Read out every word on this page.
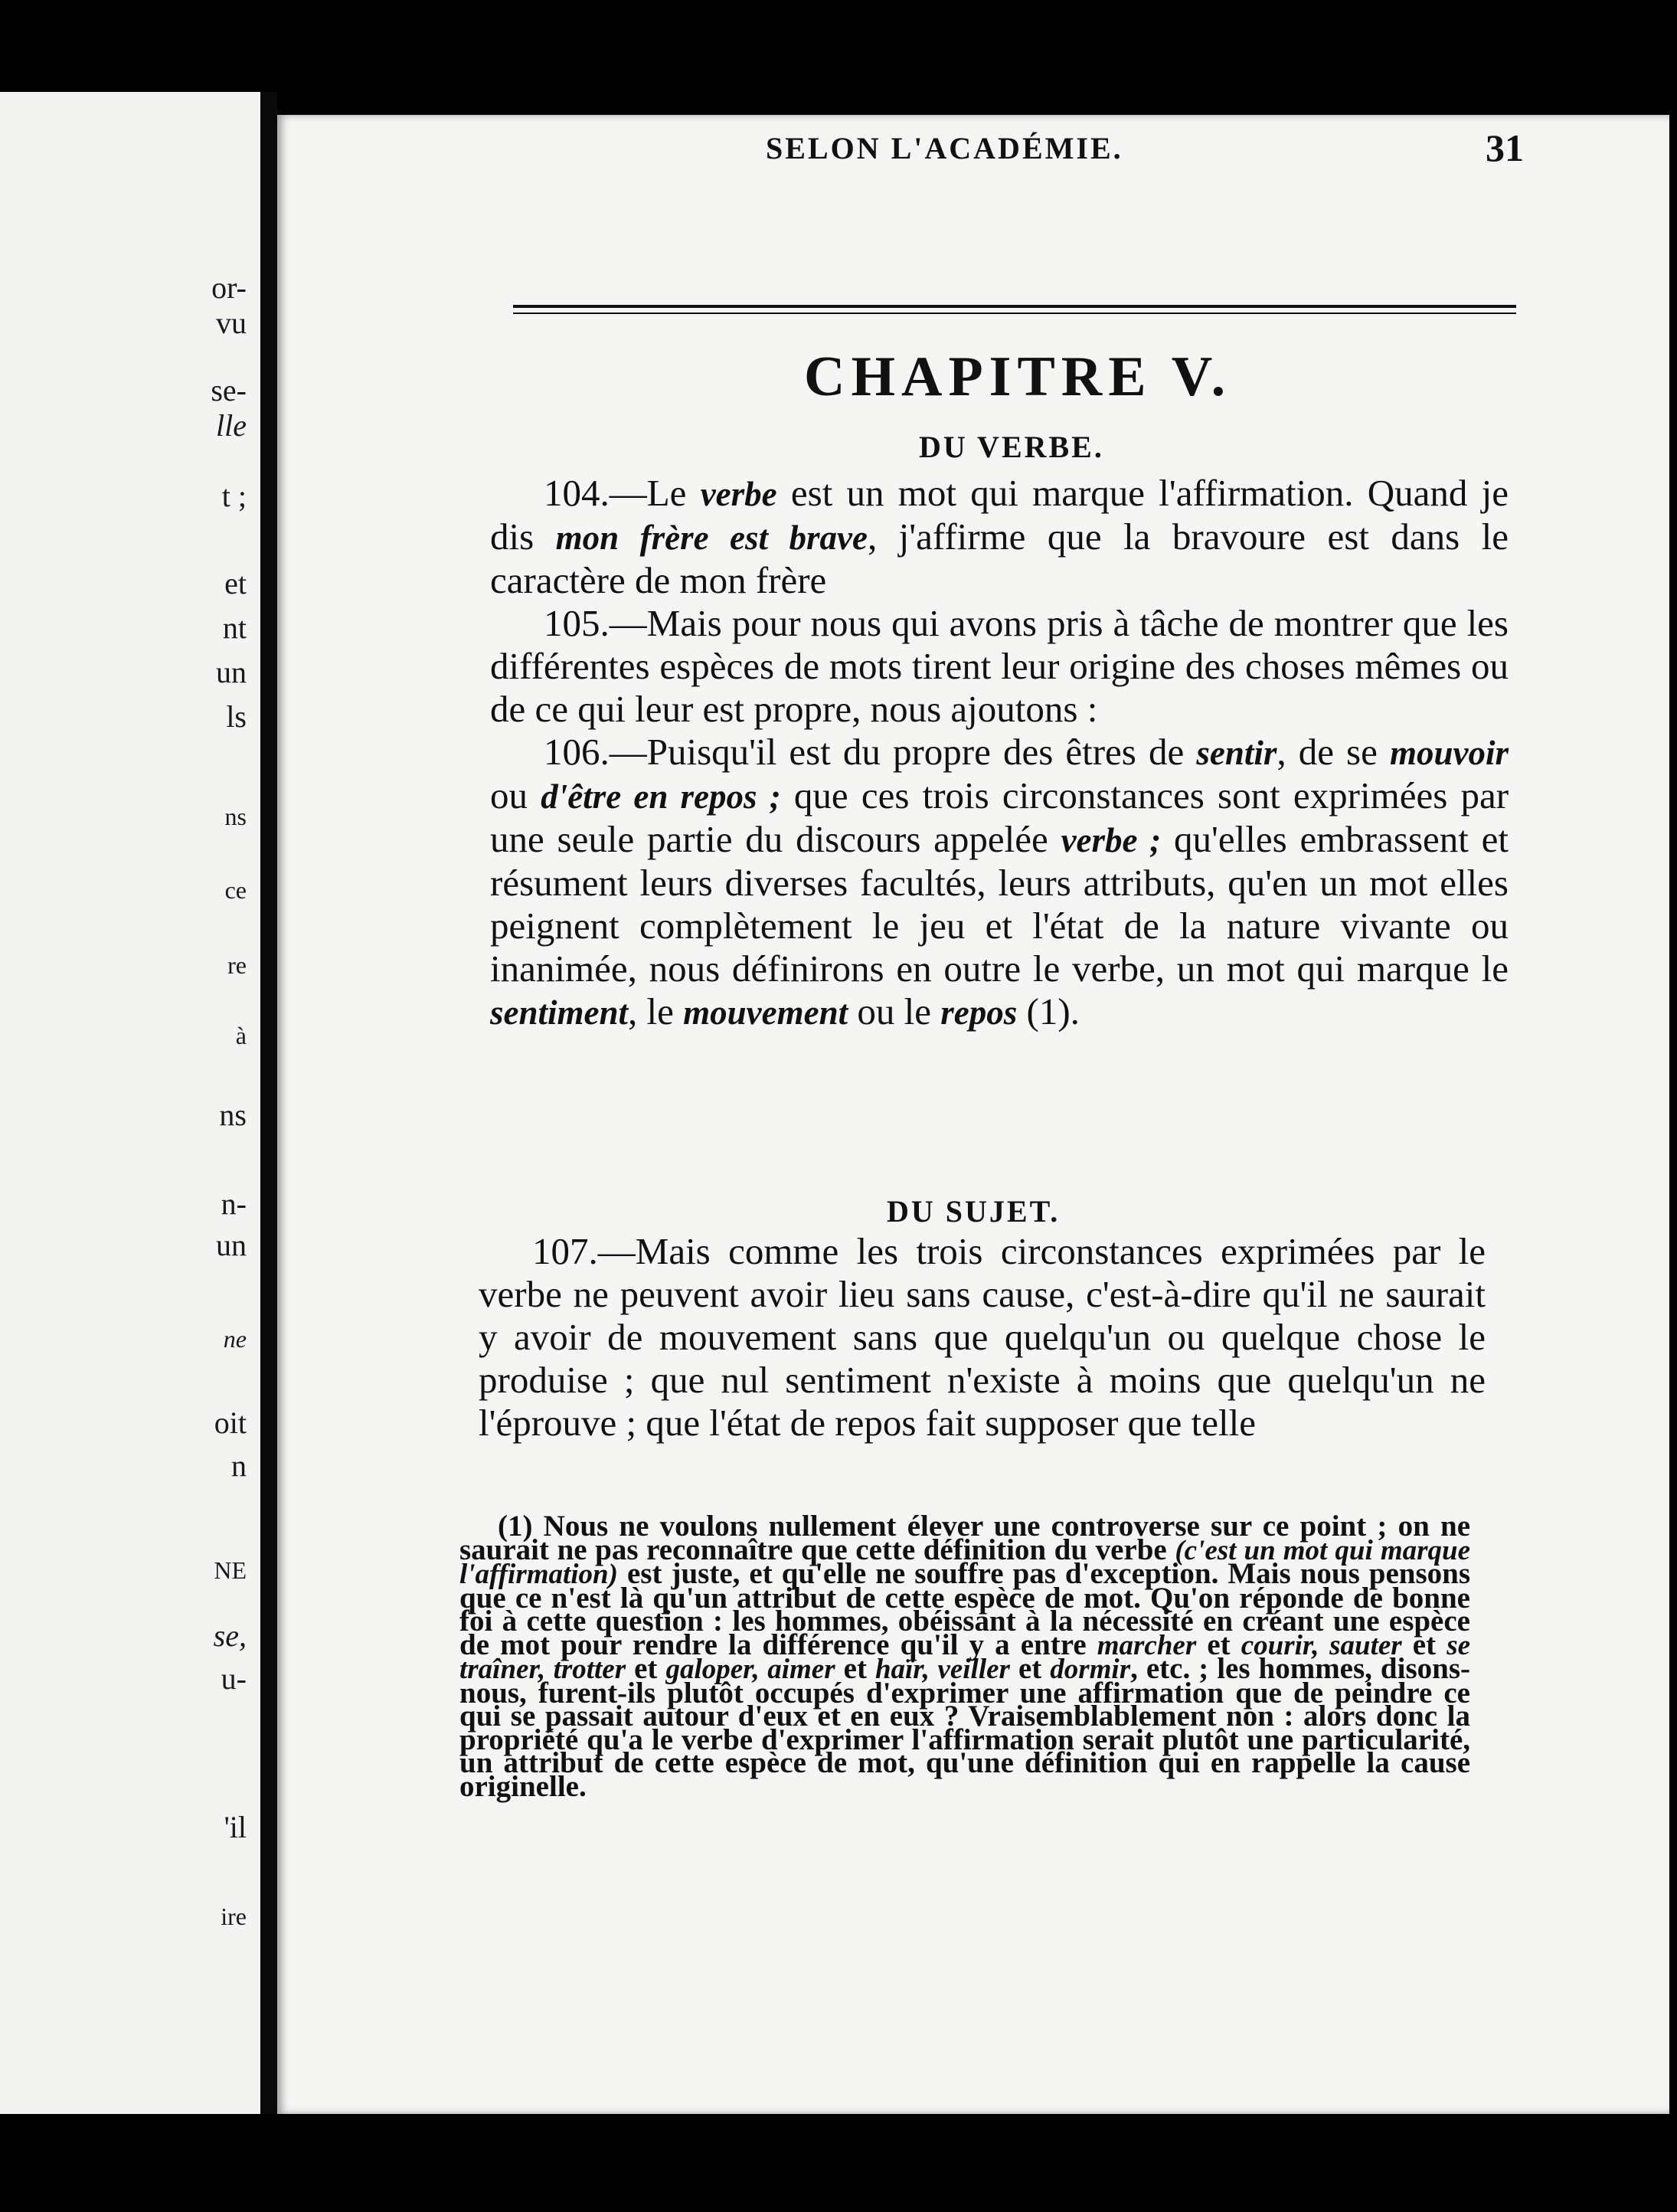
or-
vu
se-
lle
t ;
et
nt
un
ls
ns
ce
re
à
ns
n-
un
ne
oit
n
NE
se,
u-
'il
ire
SELON L'ACADÉMIE.	31
CHAPITRE V.
DU VERBE.

104.—Le verbe est un mot qui marque l'affirmation. Quand je dis mon frère est brave, j'affirme que la bravoure est dans le caractère de mon frère

105.—Mais pour nous qui avons pris à tâche de montrer que les différentes espèces de mots tirent leur origine des choses mêmes ou de ce qui leur est propre, nous ajoutons :

106.—Puisqu'il est du propre des êtres de sentir, de se mouvoir ou d'être en repos ; que ces trois circonstances sont exprimées par une seule partie du discours appelée verbe ; qu'elles embrassent et résument leurs diverses facultés, leurs attributs, qu'en un mot elles peignent complètement le jeu et l'état de la nature vivante ou inanimée, nous définirons en outre le verbe, un mot qui marque le sentiment, le mouvement ou le repos (1).

DU SUJET.

107.—Mais comme les trois circonstances exprimées par le verbe ne peuvent avoir lieu sans cause, c'est-à-dire qu'il ne saurait y avoir de mouvement sans que quelqu'un ou quelque chose le produise ; que nul sentiment n'existe à moins que quelqu'un ne l'éprouve ; que l'état de repos fait supposer que telle

(1) Nous ne voulons nullement élever une controverse sur ce point ; on ne saurait ne pas reconnaître que cette définition du verbe (c'est un mot qui marque l'affirmation) est juste, et qu'elle ne souffre pas d'exception. Mais nous pensons que ce n'est là qu'un attribut de cette espèce de mot. Qu'on réponde de bonne foi à cette question : les hommes, obéissant à la nécessité en créant une espèce de mot pour rendre la différence qu'il y a entre marcher et courir, sauter et se traîner, trotter et galoper, aimer et haïr, veiller et dormir, etc. ; les hommes, disons-nous, furent-ils plutôt occupés d'exprimer une affirmation que de peindre ce qui se passait autour d'eux et en eux ? Vraisemblablement non : alors donc la propriété qu'a le verbe d'exprimer l'affirmation serait plutôt une particularité, un attribut de cette espèce de mot, qu'une définition qui en rappelle la cause originelle.
